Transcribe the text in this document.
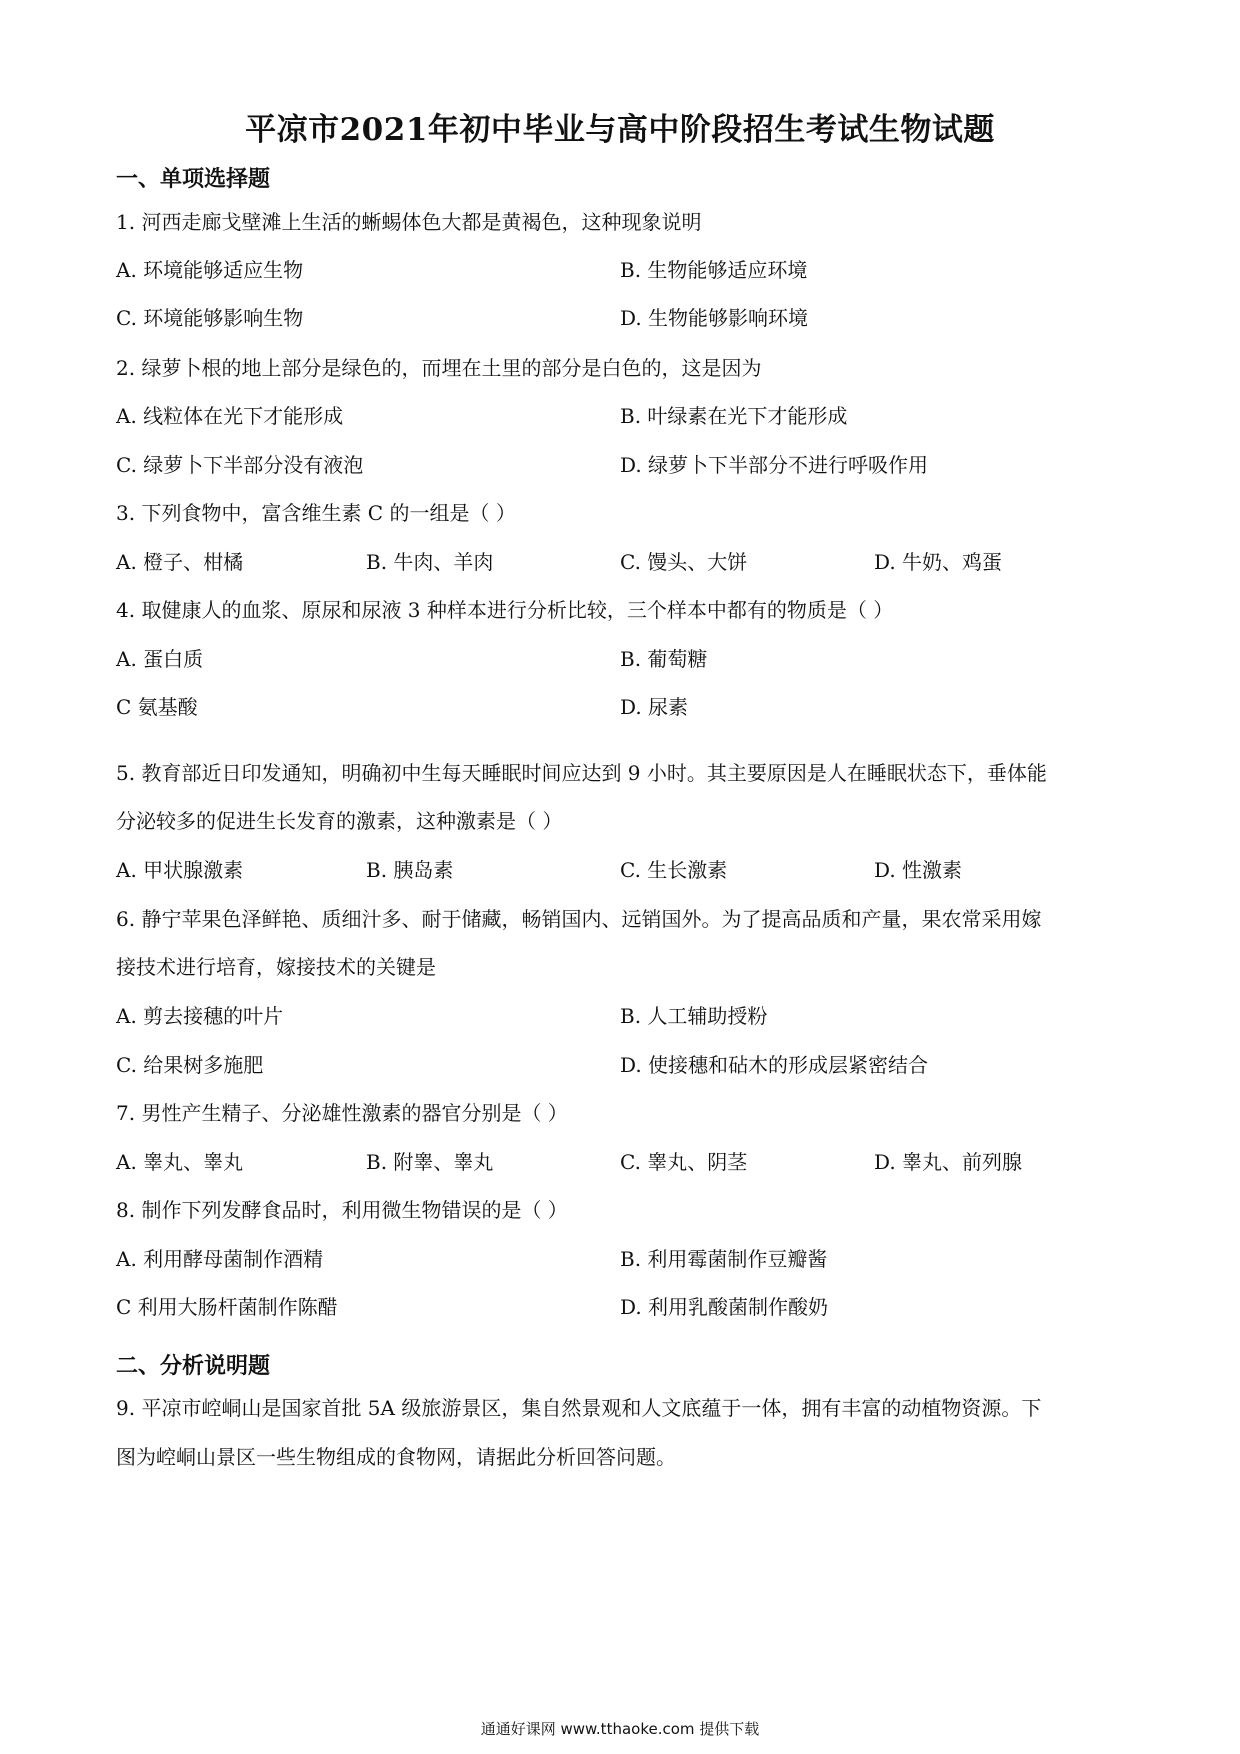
平凉市2021年初中毕业与高中阶段招生考试生物试题
一、单项选择题
1. 河西走廊戈壁滩上生活的蜥蜴体色大都是黄褐色，这种现象说明
A. 环境能够适应生物	B. 生物能够适应环境
C. 环境能够影响生物	D. 生物能够影响环境
2. 绿萝卜根的地上部分是绿色的，而埋在土里的部分是白色的，这是因为
A. 线粒体在光下才能形成	B. 叶绿素在光下才能形成
C. 绿萝卜下半部分没有液泡	D. 绿萝卜下半部分不进行呼吸作用
3. 下列食物中，富含维生素 C 的一组是（ ）
A. 橙子、柑橘	B. 牛肉、羊肉	C. 馒头、大饼	D. 牛奶、鸡蛋
4. 取健康人的血浆、原尿和尿液 3 种样本进行分析比较，三个样本中都有的物质是（ ）
A. 蛋白质	B. 葡萄糖
C 氨基酸	D. 尿素
5. 教育部近日印发通知，明确初中生每天睡眠时间应达到 9 小时。其主要原因是人在睡眠状态下，垂体能
分泌较多的促进生长发育的激素，这种激素是（ ）
A. 甲状腺激素	B. 胰岛素	C. 生长激素	D. 性激素
6. 静宁苹果色泽鲜艳、质细汁多、耐于储藏，畅销国内、远销国外。为了提高品质和产量，果农常采用嫁
接技术进行培育，嫁接技术的关键是
A. 剪去接穗的叶片	B. 人工辅助授粉
C. 给果树多施肥	D. 使接穗和砧木的形成层紧密结合
7. 男性产生精子、分泌雄性激素的器官分别是（ ）
A. 睾丸、睾丸	B. 附睾、睾丸	C. 睾丸、阴茎	D. 睾丸、前列腺
8. 制作下列发酵食品时，利用微生物错误的是（ ）
A. 利用酵母菌制作酒精	B. 利用霉菌制作豆瓣酱
C 利用大肠杆菌制作陈醋	D. 利用乳酸菌制作酸奶
二、分析说明题
9. 平凉市崆峒山是国家首批 5A 级旅游景区，集自然景观和人文底蕴于一体，拥有丰富的动植物资源。下
图为崆峒山景区一些生物组成的食物网，请据此分析回答问题。
通通好课网 www.tthaoke.com 提供下载
